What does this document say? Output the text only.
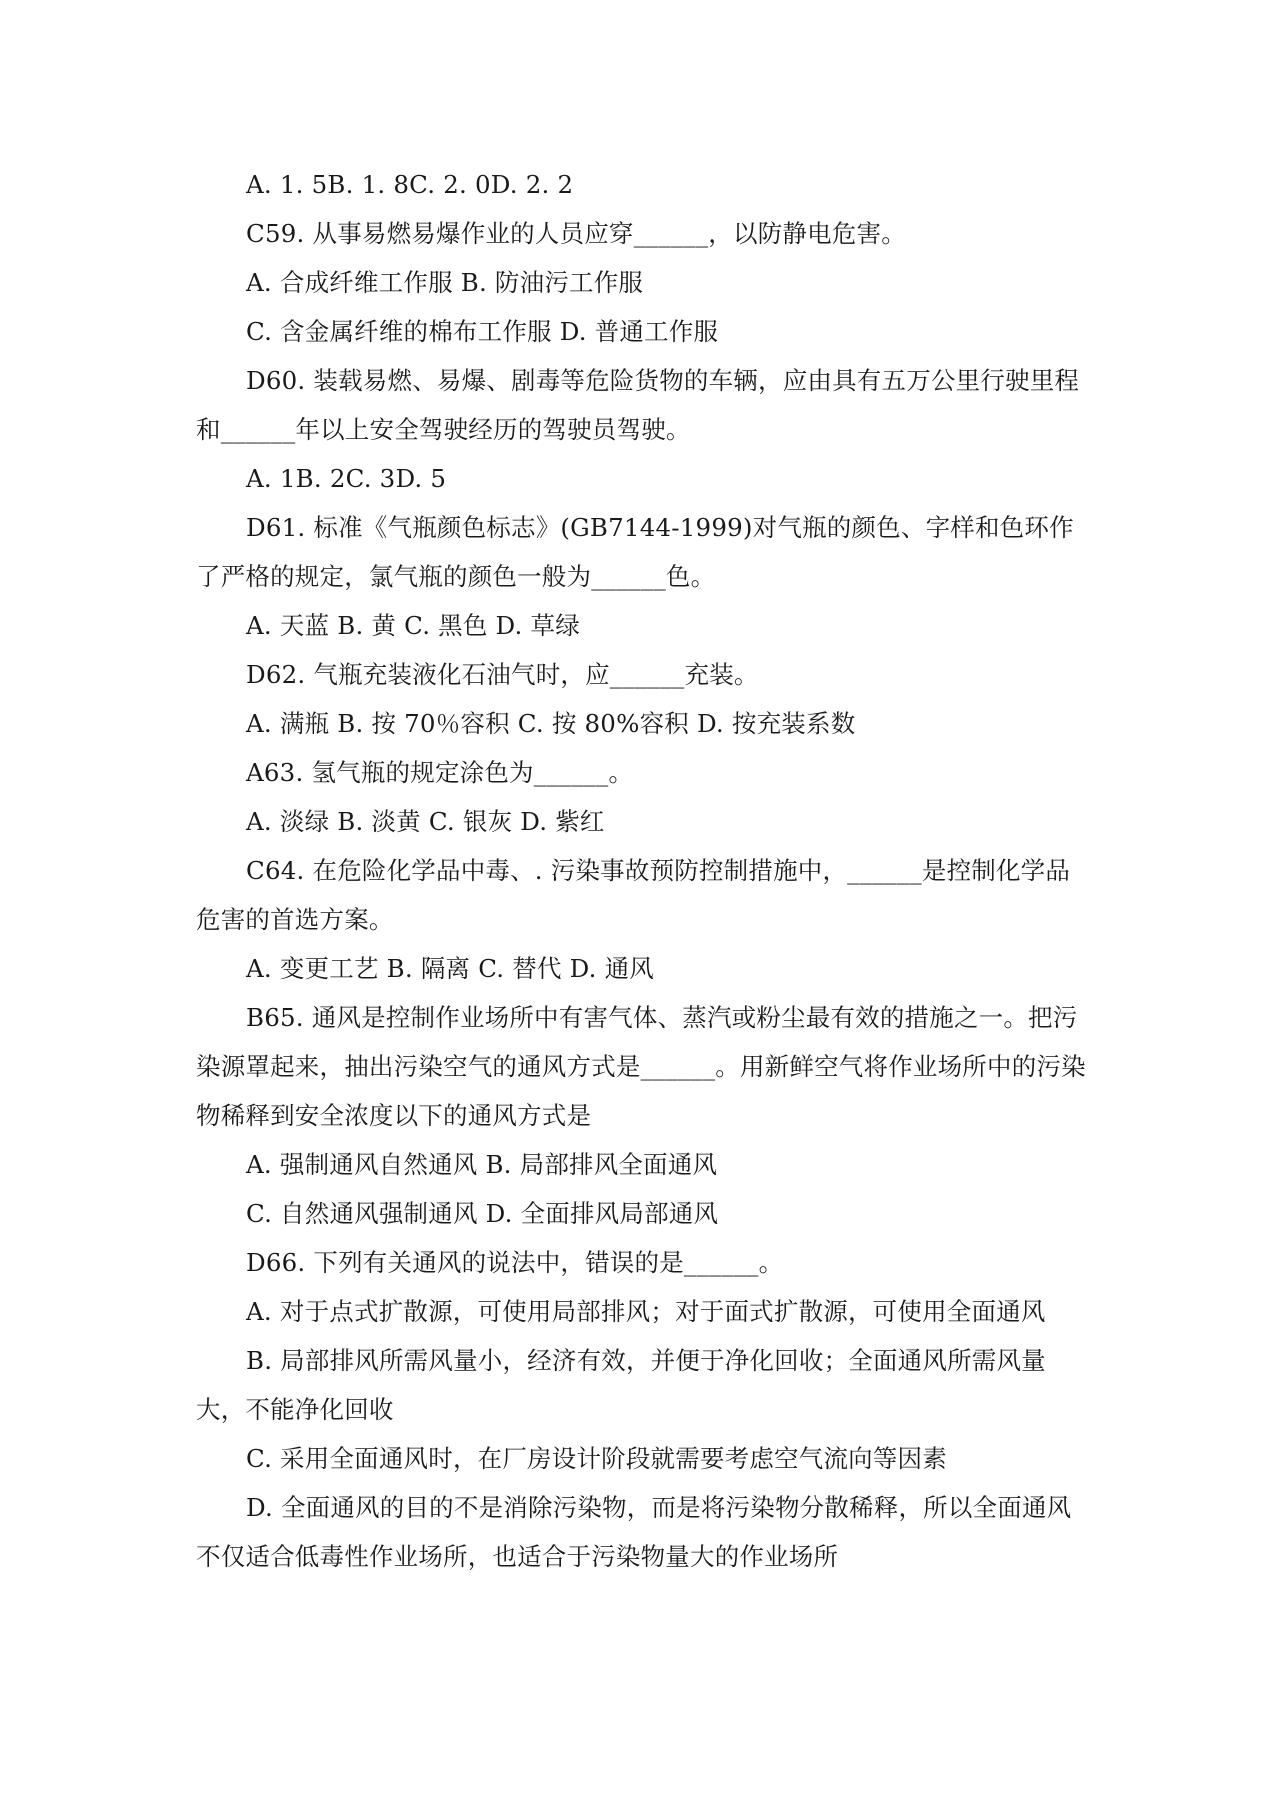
A. 1. 5B. 1. 8C. 2. 0D. 2. 2

C59. 从事易燃易爆作业的人员应穿______，以防静电危害。

A. 合成纤维工作服 B. 防油污工作服

C. 含金属纤维的棉布工作服 D. 普通工作服

D60. 装载易燃、易爆、剧毒等危险货物的车辆，应由具有五万公里行驶里程和______年以上安全驾驶经历的驾驶员驾驶。

A. 1B. 2C. 3D. 5

D61. 标准《气瓶颜色标志》(GB7144-1999)对气瓶的颜色、字样和色环作了严格的规定，氯气瓶的颜色一般为______色。

A. 天蓝 B. 黄 C. 黑色 D. 草绿

D62. 气瓶充装液化石油气时，应______充装。

A. 满瓶 B. 按 70％容积 C. 按 80%容积 D. 按充装系数

A63. 氢气瓶的规定涂色为______。

A. 淡绿 B. 淡黄 C. 银灰 D. 紫红

C64. 在危险化学品中毒、. 污染事故预防控制措施中，______是控制化学品危害的首选方案。

A. 变更工艺 B. 隔离 C. 替代 D. 通风

B65. 通风是控制作业场所中有害气体、蒸汽或粉尘最有效的措施之一。把污染源罩起来，抽出污染空气的通风方式是______。用新鲜空气将作业场所中的污染物稀释到安全浓度以下的通风方式是

A. 强制通风自然通风 B. 局部排风全面通风

C. 自然通风强制通风 D. 全面排风局部通风

D66. 下列有关通风的说法中，错误的是______。

A. 对于点式扩散源，可使用局部排风；对于面式扩散源，可使用全面通风

B. 局部排风所需风量小，经济有效，并便于净化回收；全面通风所需风量大，不能净化回收

C. 采用全面通风时，在厂房设计阶段就需要考虑空气流向等因素

D. 全面通风的目的不是消除污染物，而是将污染物分散稀释，所以全面通风不仅适合低毒性作业场所，也适合于污染物量大的作业场所
